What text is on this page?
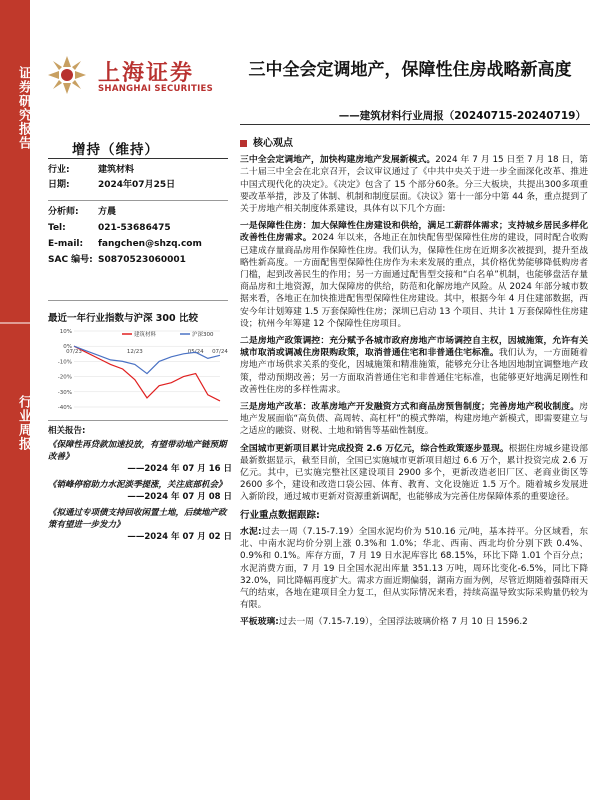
证券研究报告
行业周报
上海证券
SHANGHAI SECURITIES
三中全会定调地产，保障性住房战略新高度
——建筑材料行业周报（20240715-20240719）
增持（维持）
行业:	建筑材料
日期:	2024年07月25日
分析师: 方晨
Tel:	021-53686475
E-mail: fangchen@shzq.com
SAC 编号: S0870523060001
最近一年行业指数与沪深 300 比较
10%
0%
-10%
-20%
-30%
-40%
07/23	12/23	05/24 07/24
建筑材料	沪深300
相关报告:
《保障性再贷款加速投放，有望带动地产链预期改善》
——2024 年 07 月 16 日
《销峰停窑助力水泥淡季提涨，关注底部机会》
——2024 年 07 月 08 日
《拟通过专项债支持回收闲置土地，后续地产政策有望进一步发力》
——2024 年 07 月 02 日
核心观点

三中全会定调地产，加快构建房地产发展新模式。2024 年 7 月 15 日至 7 月 18 日，第二十届三中全会在北京召开，会议审议通过了《中共中央关于进一步全面深化改革、推进中国式现代化的决定》。《决定》包含了 15 个部分60条。分三大板块，共提出300多项重要改革举措，涉及了体制、机制和制度层面。《决议》第十一部分中第 44 条，重点提到了关于房地产相关制度体系建设，具体有以下几个方面:

一是保障性住房：加大保障性住房建设和供给，满足工薪群体需求；支持城乡居民多样化改善性住房需求。2024 年以来，各地正在加快配售型保障性住房的建设，同时配合收购已建成存量商品房用作保障性住房。我们认为，保障性住房在近期多次被提到，提升至战略性新高度。一方面配售型保障性住房作为未来发展的重点，其价格优势能够降低购房者门槛，起到改善民生的作用；另一方面通过配售型交接和“白名单”机制，也能够盘活存量商品房和土地资源，加大保障房的供给，防范和化解房地产风险。从 2024 年部分城市数据来看，各地正在加快推进配售型保障性住房建设。其中，根据今年 4 月住建部数据，西安今年计划筹建 1.5 万套保障性住房；深圳已启动 13 个项目、共计 1 万套保障性住房建设；杭州今年筹建 12 个保障性住房项目。

二是房地产政策调控：充分赋予各城市政府房地产市场调控自主权，因城施策，允许有关城市取消或调减住房限购政策，取消普通住宅和非普通住宅标准。我们认为，一方面随着房地产市场供求关系的变化，因城施策和精准施策，能够充分让各地因地制宜调整地产政策，带动预期改善；另一方面取消普通住宅和非普通住宅标准，也能够更好地满足刚性和改善性住房的多样性需求。

三是房地产改革：改革房地产开发融资方式和商品房预售制度；完善房地产税收制度。房地产发展面临“高负债、高周转、高杠杆”的模式弊端，构建房地产新模式，即需要建立与之适应的融资、财税、土地和销售等基础性制度。

全国城市更新项目累计完成投资 2.6 万亿元，综合性政策逐步显现。根据住房城乡建设部最新数据显示，截至目前，全国已实施城市更新项目超过 6.6 万个，累计投资完成 2.6 万亿元。其中，已实施完整社区建设项目 2900 多个，更新改造老旧厂区、老商业街区等 2600 多个，建设和改造口袋公园、体育、教育、文化设施近 1.5 万个。随着城乡发展进入新阶段，通过城市更新对资源重新调配，也能够成为完善住房保障体系的重要途径。

行业重点数据跟踪:

水泥:过去一周（7.15-7.19）全国水泥均价为 510.16 元/吨，基本持平。分区域看，东北、中南水泥均价分别上涨 0.3%和 1.0%；华北、西南、西北均价分别下跌 0.4%、0.9%和 0.1%。库存方面，7 月 19 日水泥库容比 68.15%，环比下降 1.01 个百分点；水泥消费方面，7 月 19 日全国水泥出库量 351.13 万吨，周环比变化-6.5%，同比下降 32.0%，同比降幅再度扩大。需求方面近期偏弱，湖南方面为例，尽管近期随着强降雨天气的结束，各地在建项目全力复工，但从实际情况来看，持续高温导致实际采购量仍较为有限。

平板玻璃:过去一周（7.15-7.19），全国浮法玻璃价格 7 月 10 日 1596.2
